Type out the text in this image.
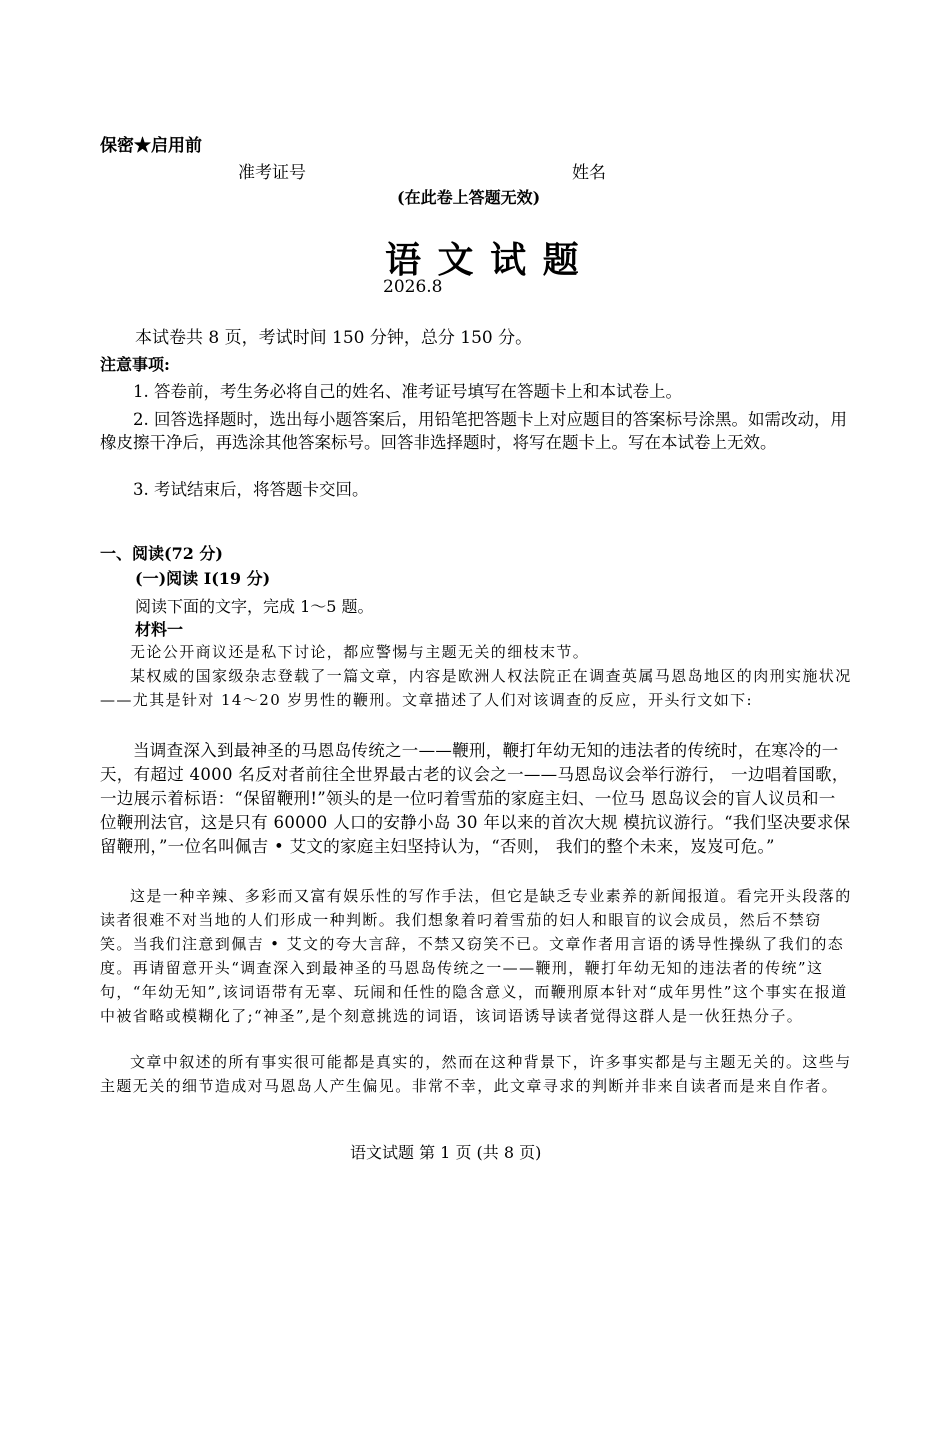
保密★启用前
准考证号	姓名
(在此卷上答题无效)
语 文 试 题
2026.8
本试卷共 8 页，考试时间 150 分钟，总分 150 分。
注意事项:
1. 答卷前，考生务必将自己的姓名、准考证号填写在答题卡上和本试卷上。
2. 回答选择题时，选出每小题答案后，用铅笔把答题卡上对应题目的答案标号涂黑。如需改动，用橡皮擦干净后，再选涂其他答案标号。回答非选择题时，将写在题卡上。写在本试卷上无效。
3. 考试结束后，将答题卡交回。
一、阅读(72 分)
(一)阅读 I(19 分)
阅读下面的文字，完成 1～5 题。
材料一
无论公开商议还是私下讨论，都应警惕与主题无关的细枝末节。
某权威的国家级杂志登载了一篇文章，内容是欧洲人权法院正在调查英属马恩岛地区的肉刑实施状况——尤其是针对 14～20 岁男性的鞭刑。文章描述了人们对该调查的反应，开头行文如下:
当调查深入到最神圣的马恩岛传统之一——鞭刑，鞭打年幼无知的违法者的传统时，在寒冷的一天，有超过 4000 名反对者前往全世界最古老的议会之一——马恩岛议会举行游行， 一边唱着国歌，一边展示着标语：“保留鞭刑!”领头的是一位叼着雪茄的家庭主妇、一位马 恩岛议会的盲人议员和一位鞭刑法官，这是只有 60000 人口的安静小岛 30 年以来的首次大规 模抗议游行。“我们坚决要求保留鞭刑，”一位名叫佩吉 • 艾文的家庭主妇坚持认为，“否则， 我们的整个未来，岌岌可危。”
这是一种辛辣、多彩而又富有娱乐性的写作手法，但它是缺乏专业素养的新闻报道。看完开头段落的读者很难不对当地的人们形成一种判断。我们想象着叼着雪茄的妇人和眼盲的议会成员，然后不禁窃笑。当我们注意到佩吉 • 艾文的夸大言辞，不禁又窃笑不已。文章作者用言语的诱导性操纵了我们的态度。再请留意开头“调查深入到最神圣的马恩岛传统之一——鞭刑，鞭打年幼无知的违法者的传统”这句，“年幼无知”,该词语带有无辜、玩闹和任性的隐含意义，而鞭刑原本针对“成年男性”这个事实在报道中被省略或模糊化了;“神圣”,是个刻意挑选的词语，该词语诱导读者觉得这群人是一伙狂热分子。
文章中叙述的所有事实很可能都是真实的，然而在这种背景下，许多事实都是与主题无关的。这些与主题无关的细节造成对马恩岛人产生偏见。非常不幸，此文章寻求的判断并非来自读者而是来自作者。
语文试题 第 1 页 (共 8 页)
